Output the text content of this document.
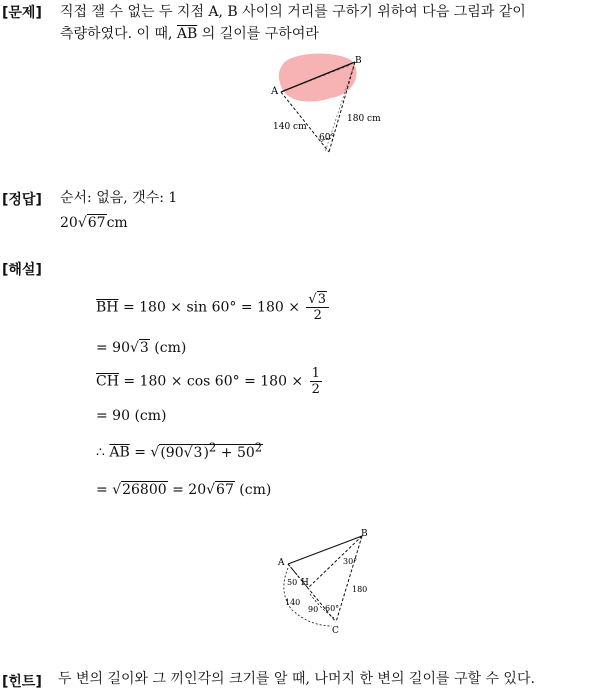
[문제] 직접 잴 수 없는 두 지점 A, B 사이의 거리를 구하기 위하여 다음 그림과 같이
측량하였다. 이 때, $\overline{AB}$ 의 길이를 구하여라
A
B
140 cm
180 cm
60°
[정답] 순서: 없음, 갯수: 1
20√67cm
[해설]
$\overline{BH} = 180 \times \sin 60^\circ = 180 \times \frac{√3}{2}$
= 90√3 (cm)
$\overline{CH} = 180 \times \cos 60^\circ = 180 \times \frac{1}{2}$
= 90 (cm)
∴ $\overline{AB} = √(90√3)^2 + 50^2$
= √26800 = 20√67 (cm)
A
B
H
C
50
140
90
180
30°
60°
[힌트] 두 변의 길이와 그 끼인각의 크기를 알 때, 나머지 한 변의 길이를 구할 수 있다.
